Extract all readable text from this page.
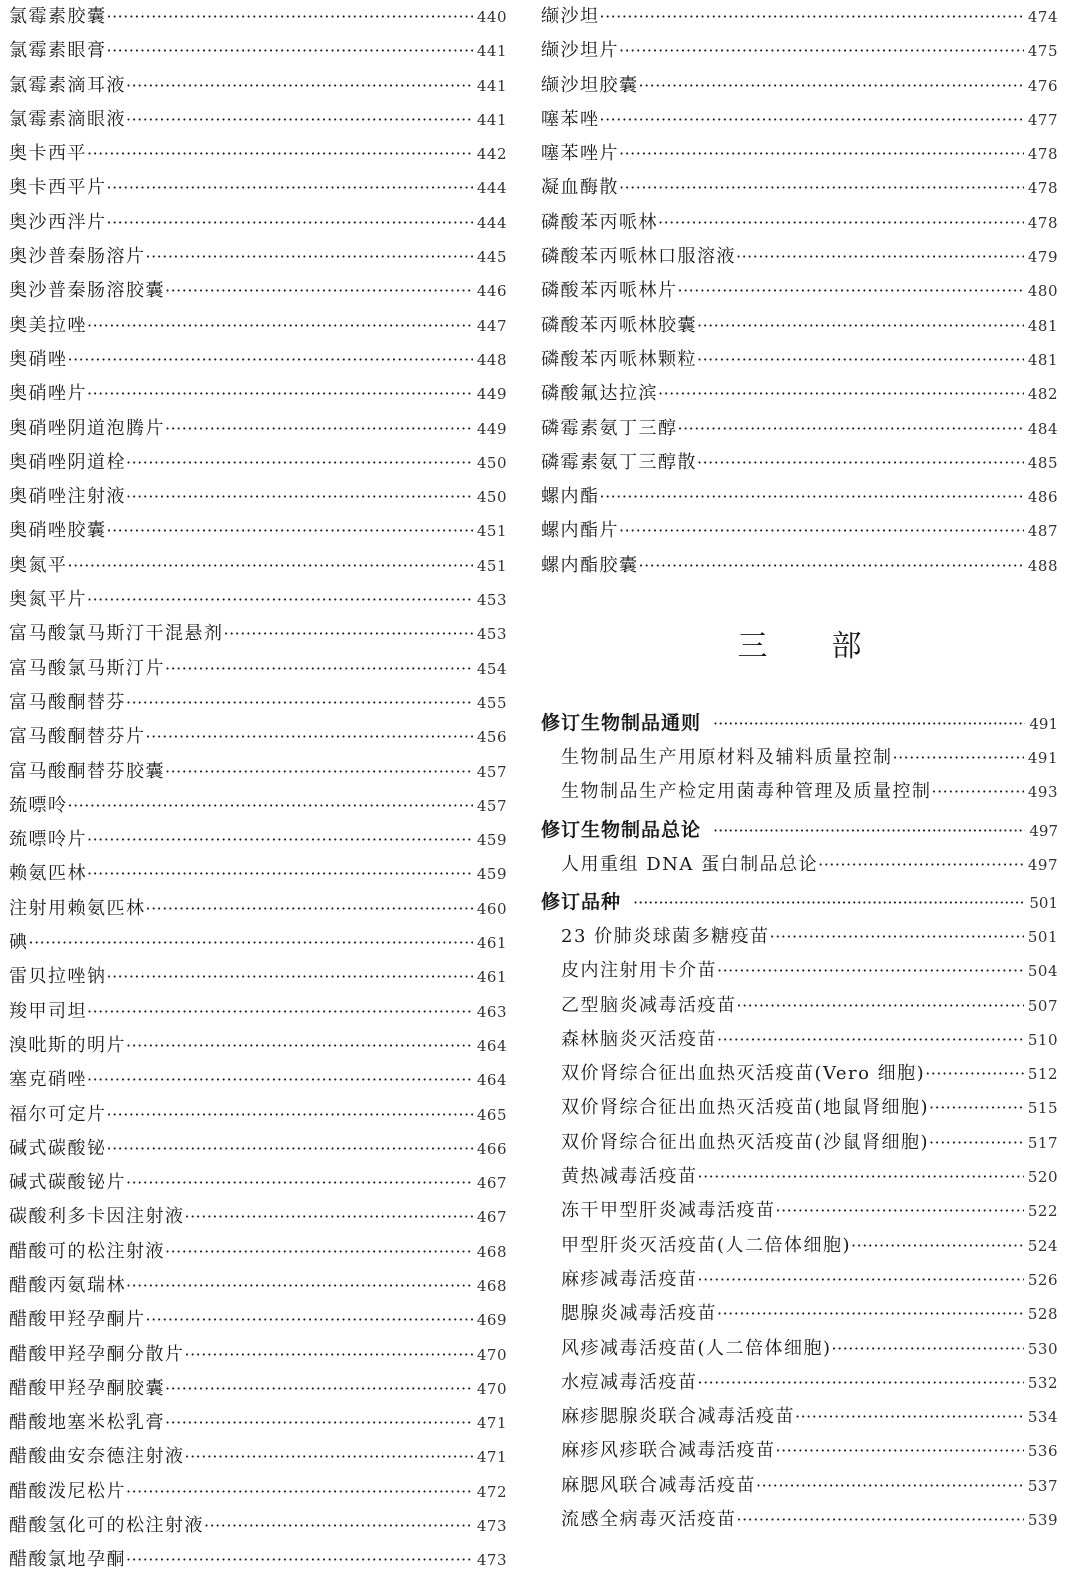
氯霉素胶囊 ·····	440
氯霉素眼膏 ·····	441
氯霉素滴耳液 ·····	441
氯霉素滴眼液 ·····	441
奥卡西平 ·····	442
奥卡西平片 ·····	444
奥沙西泮片 ·····	444
奥沙普秦肠溶片 ·····	445
奥沙普秦肠溶胶囊 ·····	446
奥美拉唑 ·····	447
奥硝唑 ·····	448
奥硝唑片 ·····	449
奥硝唑阴道泡腾片 ·····	449
奥硝唑阴道栓 ·····	450
奥硝唑注射液 ·····	450
奥硝唑胶囊 ·····	451
奥氮平 ·····	451
奥氮平片 ·····	453
富马酸氯马斯汀干混悬剂 ·····	453
富马酸氯马斯汀片 ·····	454
富马酸酮替芬 ·····	455
富马酸酮替芬片 ·····	456
富马酸酮替芬胶囊 ·····	457
巯嘌呤 ·····	457
巯嘌呤片 ·····	459
赖氨匹林 ·····	459
注射用赖氨匹林 ·····	460
碘 ·····	461
雷贝拉唑钠 ·····	461
羧甲司坦 ·····	463
溴吡斯的明片 ·····	464
塞克硝唑 ·····	464
福尔可定片 ·····	465
碱式碳酸铋 ·····	466
碱式碳酸铋片 ·····	467
碳酸利多卡因注射液 ·····	467
醋酸可的松注射液 ·····	468
醋酸丙氨瑞林 ·····	468
醋酸甲羟孕酮片 ·····	469
醋酸甲羟孕酮分散片 ·····	470
醋酸甲羟孕酮胶囊 ·····	470
醋酸地塞米松乳膏 ·····	471
醋酸曲安奈德注射液 ·····	471
醋酸泼尼松片 ·····	472
醋酸氢化可的松注射液 ·····	473
醋酸氯地孕酮 ·····	473
缬沙坦 ·····	474
缬沙坦片 ·····	475
缬沙坦胶囊 ·····	476
噻苯唑 ·····	477
噻苯唑片 ·····	478
凝血酶散 ·····	478
磷酸苯丙哌林 ·····	478
磷酸苯丙哌林口服溶液 ·····	479
磷酸苯丙哌林片 ·····	480
磷酸苯丙哌林胶囊 ·····	481
磷酸苯丙哌林颗粒 ·····	481
磷酸氟达拉滨 ·····	482
磷霉素氨丁三醇 ·····	484
磷霉素氨丁三醇散 ·····	485
螺内酯 ·····	486
螺内酯片 ·····	487
螺内酯胶囊 ·····	488
三部
修订生物制品通则 ·····	491
生物制品生产用原材料及辅料质量控制 ·····	491
生物制品生产检定用菌毒种管理及质量控制 ·····	493
修订生物制品总论 ·····	497
人用重组 DNA 蛋白制品总论 ·····	497
修订品种 ·····	501
23 价肺炎球菌多糖疫苗 ·····	501
皮内注射用卡介苗 ·····	504
乙型脑炎减毒活疫苗 ·····	507
森林脑炎灭活疫苗 ·····	510
双价肾综合征出血热灭活疫苗(Vero 细胞) ·····	512
双价肾综合征出血热灭活疫苗(地鼠肾细胞) ·····	515
双价肾综合征出血热灭活疫苗(沙鼠肾细胞) ·····	517
黄热减毒活疫苗 ·····	520
冻干甲型肝炎减毒活疫苗 ·····	522
甲型肝炎灭活疫苗(人二倍体细胞) ·····	524
麻疹减毒活疫苗 ·····	526
腮腺炎减毒活疫苗 ·····	528
风疹减毒活疫苗(人二倍体细胞) ·····	530
水痘减毒活疫苗 ·····	532
麻疹腮腺炎联合减毒活疫苗 ·····	534
麻疹风疹联合减毒活疫苗 ·····	536
麻腮风联合减毒活疫苗 ·····	537
流感全病毒灭活疫苗 ·····	539
